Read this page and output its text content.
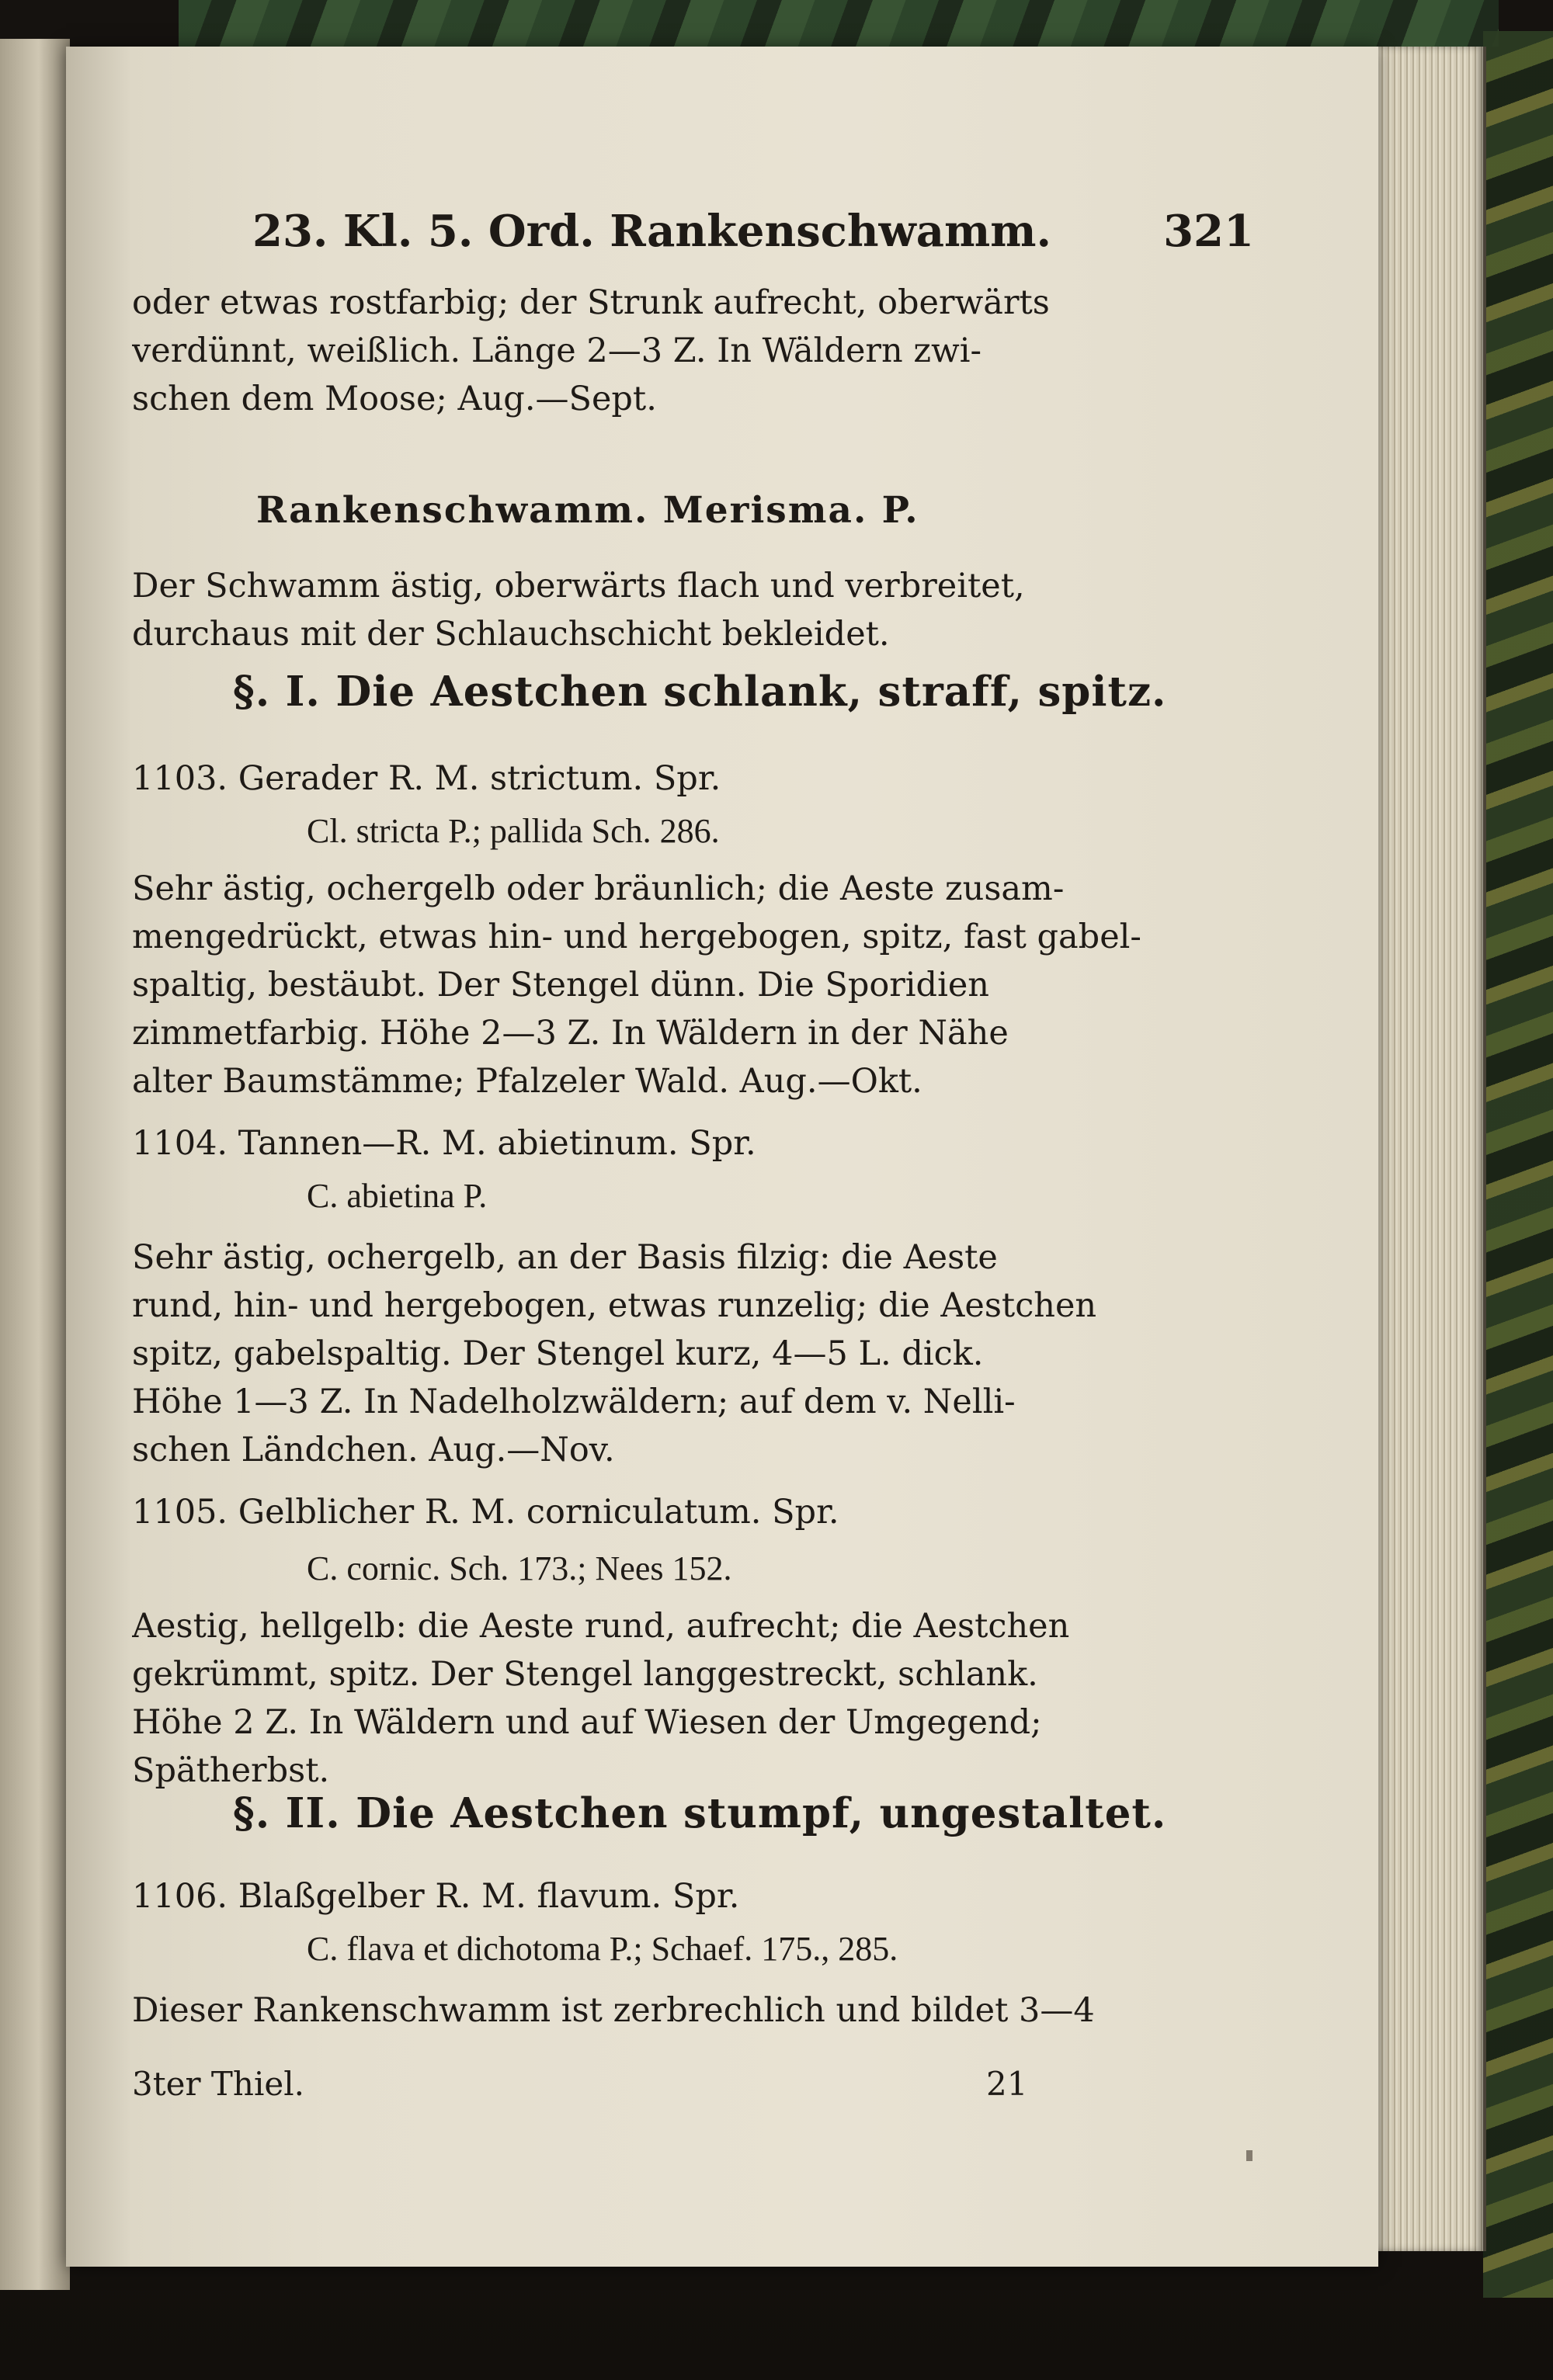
23. Kl. 5. Ord. Rankenschwamm.	321
oder etwas rostfarbig; der Strunk aufrecht, oberwärts
verdünnt, weißlich. Länge 2—3 Z. In Wäldern zwi-
schen dem Moose; Aug.—Sept.
Rankenschwamm. Merisma. P.
Der Schwamm ästig, oberwärts flach und verbreitet,
durchaus mit der Schlauchschicht bekleidet.
§. I. Die Aestchen schlank, straff, spitz.
1103. Gerader R. M. strictum. Spr.
Cl. stricta P.; pallida Sch. 286.
Sehr ästig, ochergelb oder bräunlich; die Aeste zusam-
mengedrückt, etwas hin- und hergebogen, spitz, fast gabel-
spaltig, bestäubt. Der Stengel dünn. Die Sporidien
zimmetfarbig. Höhe 2—3 Z. In Wäldern in der Nähe
alter Baumstämme; Pfalzeler Wald. Aug.—Okt.
1104. Tannen—R. M. abietinum. Spr.
C. abietina P.
Sehr ästig, ochergelb, an der Basis filzig: die Aeste
rund, hin- und hergebogen, etwas runzelig; die Aestchen
spitz, gabelspaltig. Der Stengel kurz, 4—5 L. dick.
Höhe 1—3 Z. In Nadelholzwäldern; auf dem v. Nelli-
schen Ländchen. Aug.—Nov.
1105. Gelblicher R. M. corniculatum. Spr.
C. cornic. Sch. 173.; Nees 152.
Aestig, hellgelb: die Aeste rund, aufrecht; die Aestchen
gekrümmt, spitz. Der Stengel langgestreckt, schlank.
Höhe 2 Z. In Wäldern und auf Wiesen der Umgegend;
Spätherbst.
§. II. Die Aestchen stumpf, ungestaltet.
1106. Blaßgelber R. M. flavum. Spr.
C. flava et dichotoma P.; Schaef. 175., 285.
Dieser Rankenschwamm ist zerbrechlich und bildet 3—4
3ter Thiel.	21
